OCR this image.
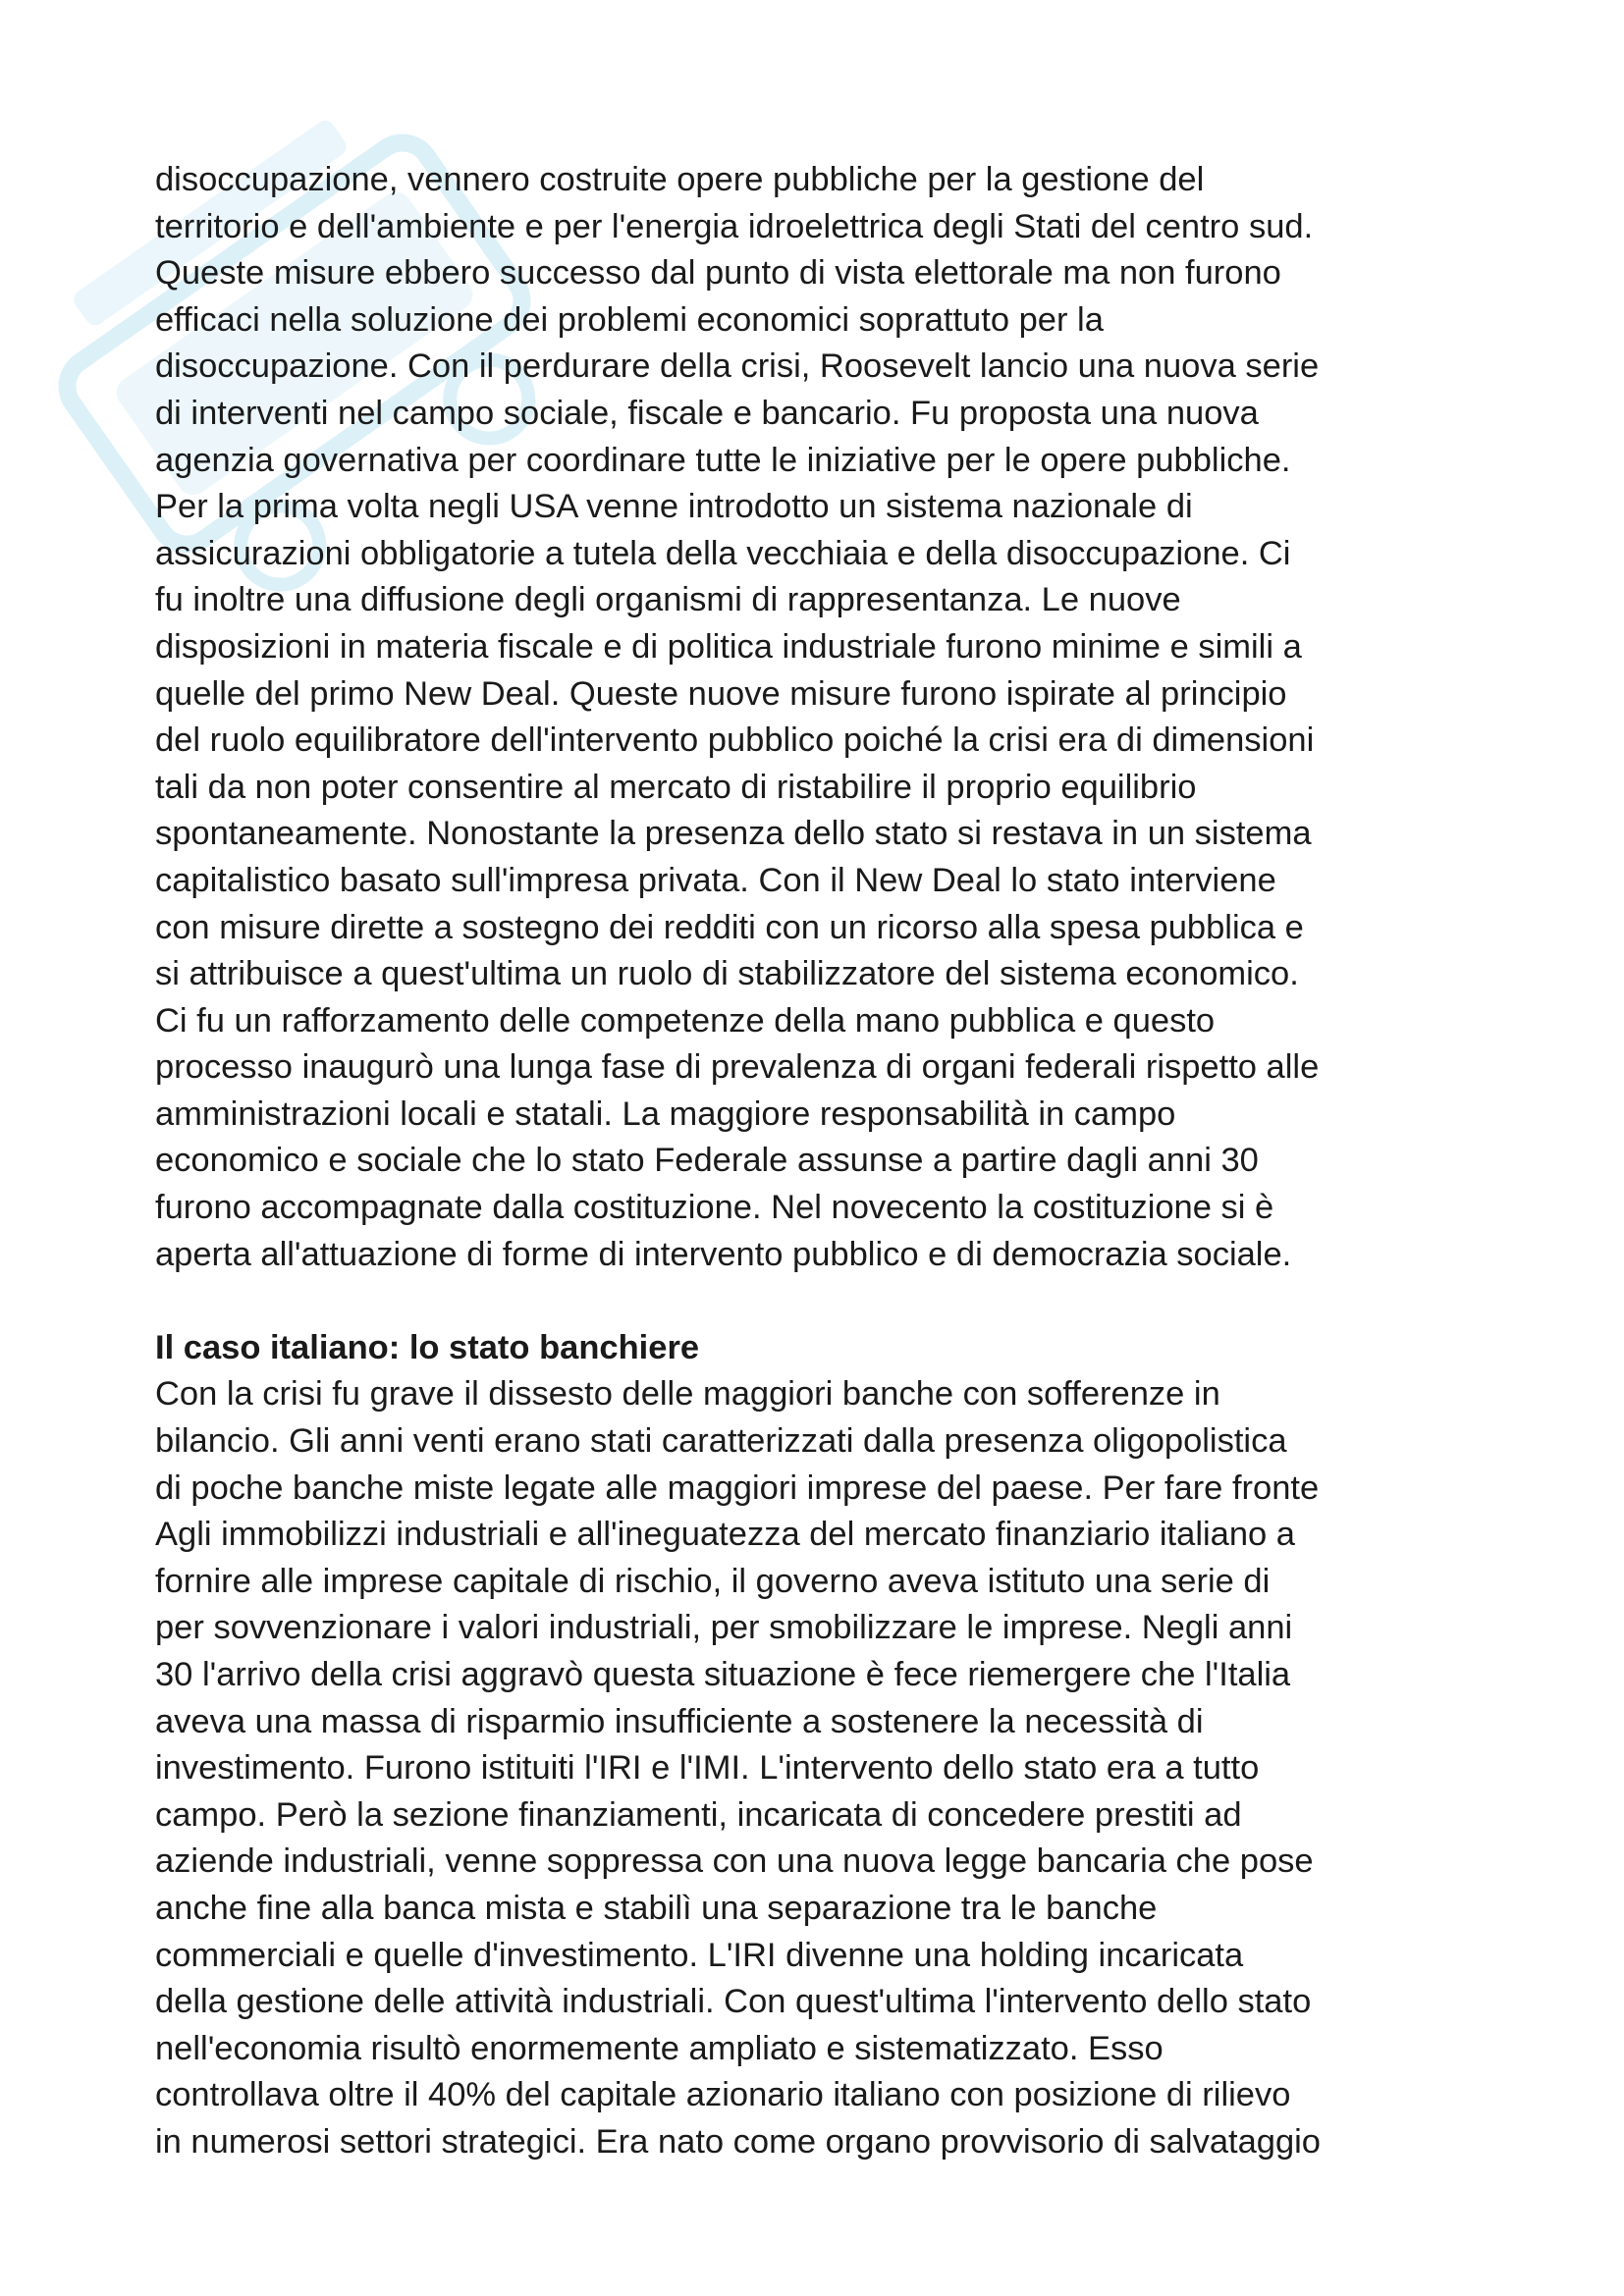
disoccupazione, vennero costruite opere pubbliche per la gestione del
territorio e dell'ambiente e per l'energia idroelettrica degli Stati del centro sud.
Queste misure ebbero successo dal punto di vista elettorale ma non furono
efficaci nella soluzione dei problemi economici soprattuto per la
disoccupazione. Con il perdurare della crisi, Roosevelt lancio una nuova serie
di interventi nel campo sociale, fiscale e bancario. Fu proposta una nuova
agenzia governativa per coordinare tutte le iniziative per le opere pubbliche.
Per la prima volta negli USA venne introdotto un sistema nazionale di
assicurazioni obbligatorie a tutela della vecchiaia e della disoccupazione. Ci
fu inoltre una diffusione degli organismi di rappresentanza. Le nuove
disposizioni in materia fiscale e di politica industriale furono minime e simili a
quelle del primo New Deal. Queste nuove misure furono ispirate al principio
del ruolo equilibratore dell'intervento pubblico poiché la crisi era di dimensioni
tali da non poter consentire al mercato di ristabilire il proprio equilibrio
spontaneamente. Nonostante la presenza dello stato si restava in un sistema
capitalistico basato sull'impresa privata. Con il New Deal lo stato interviene
con misure dirette a sostegno dei redditi con un ricorso alla spesa pubblica e
si attribuisce a quest'ultima un ruolo di stabilizzatore del sistema economico.
Ci fu un rafforzamento delle competenze della mano pubblica e questo
processo inaugurò una lunga fase di prevalenza di organi federali rispetto alle
amministrazioni locali e statali. La maggiore responsabilità in campo
economico e sociale che lo stato Federale assunse a partire dagli anni 30
furono accompagnate dalla costituzione. Nel novecento la costituzione si è
aperta all'attuazione di forme di intervento pubblico e di democrazia sociale.
Il caso italiano: lo stato banchiere
Con la crisi fu grave il dissesto delle maggiori banche con sofferenze in
bilancio. Gli anni venti erano stati caratterizzati dalla presenza oligopolistica
di poche banche miste legate alle maggiori imprese del paese. Per fare fronte
Agli immobilizzi industriali e all'ineguatezza del mercato finanziario italiano a
fornire alle imprese capitale di rischio, il governo aveva istituto una serie di
per sovvenzionare i valori industriali, per smobilizzare le imprese. Negli anni
30 l'arrivo della crisi aggravò questa situazione è fece riemergere che l'Italia
aveva una massa di risparmio insufficiente a sostenere la necessità di
investimento. Furono istituiti l'IRI e l'IMI. L'intervento dello stato era a tutto
campo. Però la sezione finanziamenti, incaricata di concedere prestiti ad
aziende industriali, venne soppressa con una nuova legge bancaria che pose
anche fine alla banca mista e stabilì una separazione tra le banche
commerciali e quelle d'investimento. L'IRI divenne una holding incaricata
della gestione delle attività industriali. Con quest'ultima l'intervento dello stato
nell'economia risultò enormemente ampliato e sistematizzato. Esso
controllava oltre il 40% del capitale azionario italiano con posizione di rilievo
in numerosi settori strategici. Era nato come organo provvisorio di salvataggio
